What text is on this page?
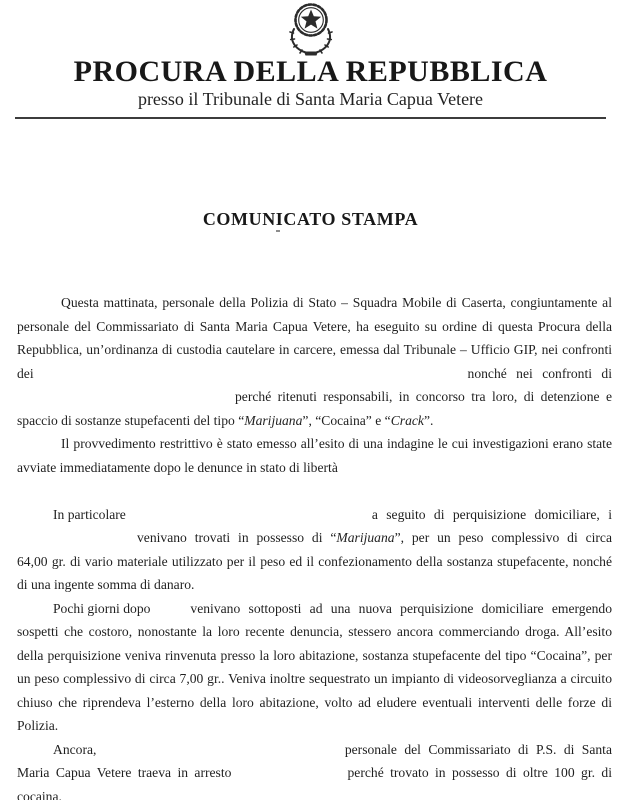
PROCURA DELLA REPUBBLICA
presso il Tribunale di Santa Maria Capua Vetere
COMUNICATO STAMPA
Questa mattinata, personale della Polizia di Stato – Squadra Mobile di Caserta, congiuntamente al
personale del Commissariato di Santa Maria Capua Vetere, ha eseguito su ordine di questa Procura della
Repubblica, un’ordinanza di custodia cautelare in carcere, emessa dal Tribunale – Ufficio GIP, nei confronti
dei	nonché nei confronti di
perché ritenuti responsabili, in concorso tra loro, di detenzione e
spaccio di sostanze stupefacenti del tipo “Marijuana”, “Cocaina” e “Crack”.
Il provvedimento restrittivo è stato emesso all’esito di una indagine le cui investigazioni erano state
avviate immediatamente dopo le denunce in stato di libertà
In particolare	a seguito di perquisizione domiciliare, i
venivano trovati in possesso di “Marijuana”, per un peso complessivo di circa
64,00 gr. di vario materiale utilizzato per il peso ed il confezionamento della sostanza stupefacente, nonché
di una ingente somma di danaro.
Pochi giorni dopo	venivano sottoposti ad una nuova perquisizione domiciliare emergendo
sospetti che costoro, nonostante la loro recente denuncia, stessero ancora commerciando droga. All’esito
della perquisizione veniva rinvenuta presso la loro abitazione, sostanza stupefacente del tipo “Cocaina”, per
un peso complessivo di circa 7,00 gr.. Veniva inoltre sequestrato un impianto di videosorveglianza a circuito
chiuso che riprendeva l’esterno della loro abitazione, volto ad eludere eventuali interventi delle forze di
Polizia.
Ancora,	personale del Commissariato di P.S. di Santa
Maria Capua Vetere traeva in arresto	perché trovato in possesso di oltre 100 gr. di
cocaina.
